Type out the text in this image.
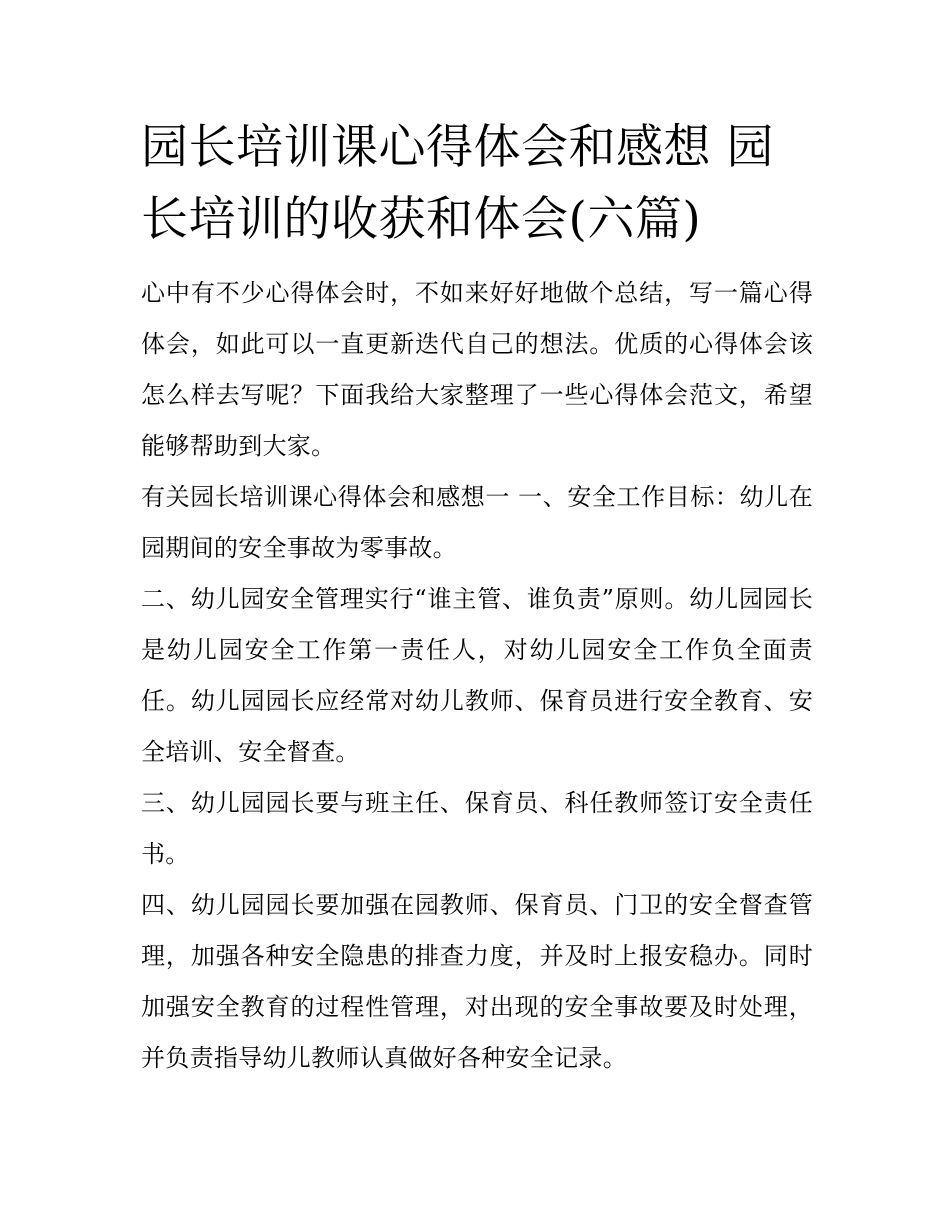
园长培训课心得体会和感想 园长培训的收获和体会(六篇)

心中有不少心得体会时，不如来好好地做个总结，写一篇心得体会，如此可以一直更新迭代自己的想法。优质的心得体会该怎么样去写呢？下面我给大家整理了一些心得体会范文，希望能够帮助到大家。

有关园长培训课心得体会和感想一 一、安全工作目标：幼儿在园期间的安全事故为零事故。

二、幼儿园安全管理实行“谁主管、谁负责”原则。幼儿园园长是幼儿园安全工作第一责任人，对幼儿园安全工作负全面责任。幼儿园园长应经常对幼儿教师、保育员进行安全教育、安全培训、安全督查。

三、幼儿园园长要与班主任、保育员、科任教师签订安全责任书。

四、幼儿园园长要加强在园教师、保育员、门卫的安全督查管理，加强各种安全隐患的排查力度，并及时上报安稳办。同时加强安全教育的过程性管理，对出现的安全事故要及时处理，并负责指导幼儿教师认真做好各种安全记录。
